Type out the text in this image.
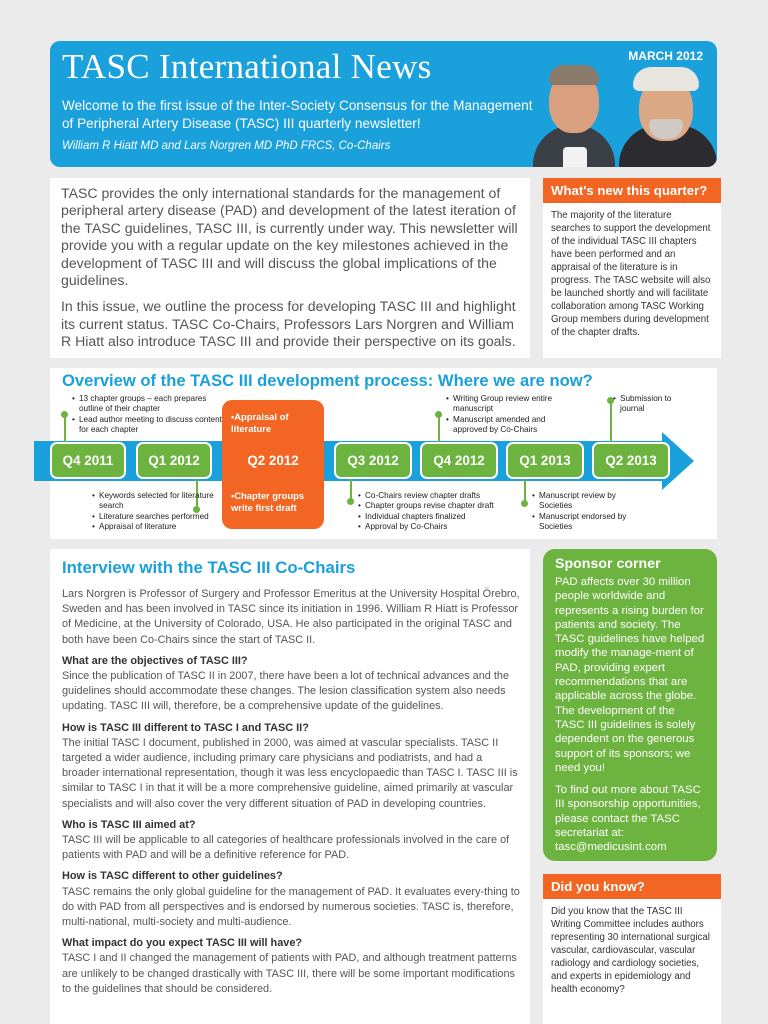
TASC International News	MARCH 2012
Welcome to the first issue of the Inter-Society Consensus for the Management of Peripheral Artery Disease (TASC) III quarterly newsletter!
William R Hiatt MD and Lars Norgren MD PhD FRCS, Co-Chairs

TASC provides the only international standards for the management of peripheral artery disease (PAD) and development of the latest iteration of the TASC guidelines, TASC III, is currently under way. This newsletter will provide you with a regular update on the key milestones achieved in the development of TASC III and will discuss the global implications of the guidelines.

In this issue, we outline the process for developing TASC III and highlight its current status. TASC Co-Chairs, Professors Lars Norgren and William R Hiatt also introduce TASC III and provide their perspective on its goals.

What's new this quarter?
The majority of the literature searches to support the development of the individual TASC III chapters have been performed and an appraisal of the literature is in progress. The TASC website will also be launched shortly and will facilitate collaboration among TASC Working Group members during development of the chapter drafts.
Overview of the TASC III development process: Where we are now?
•Appraisal of literature
•Chapter groups write first draft
Q4 2011	Q1 2012	Q2 2012	Q3 2012	Q4 2012	Q1 2013	Q2 2013
• 13 chapter groups – each prepares outline of their chapter
• Lead author meeting to discuss content for each chapter
• Keywords selected for literature search
• Literature searches performed
• Appraisal of literature
• Co-Chairs review chapter drafts
• Chapter groups revise chapter draft
• Individual chapters finalized
• Approval by Co-Chairs
• Writing Group review entire manuscript
• Manuscript amended and approved by Co-Chairs
• Manuscript review by Societies
• Manuscript endorsed by Societies
• Submission to journal
Interview with the TASC III Co-Chairs

Lars Norgren is Professor of Surgery and Professor Emeritus at the University Hospital Örebro, Sweden and has been involved in TASC since its initiation in 1996. William R Hiatt is Professor of Medicine, at the University of Colorado, USA. He also participated in the original TASC and both have been Co-Chairs since the start of TASC II.

What are the objectives of TASC III?

Since the publication of TASC II in 2007, there have been a lot of technical advances and the guidelines should accommodate these changes. The lesion classification system also needs updating. TASC III will, therefore, be a comprehensive update of the guidelines.

How is TASC III different to TASC I and TASC II?

The initial TASC I document, published in 2000, was aimed at vascular specialists. TASC II targeted a wider audience, including primary care physicians and podiatrists, and had a broader international representation, though it was less encyclopaedic than TASC I. TASC III is similar to TASC I in that it will be a more comprehensive guideline, aimed primarily at vascular specialists and will also cover the very different situation of PAD in developing countries.

Who is TASC III aimed at?

TASC III will be applicable to all categories of healthcare professionals involved in the care of patients with PAD and will be a definitive reference for PAD.

How is TASC different to other guidelines?

TASC remains the only global guideline for the management of PAD. It evaluates every-thing to do with PAD from all perspectives and is endorsed by numerous societies. TASC is, therefore, multi-national, multi-society and multi-audience.

What impact do you expect TASC III will have?

TASC I and II changed the management of patients with PAD, and although treatment patterns are unlikely to be changed drastically with TASC III, there will be some important modifications to the guidelines that should be considered.

Sponsor corner

PAD affects over 30 million people worldwide and represents a rising burden for patients and society. The TASC guidelines have helped modify the manage-ment of PAD, providing expert recommendations that are applicable across the globe. The development of the TASC III guidelines is solely dependent on the generous support of its sponsors; we need you!

To find out more about TASC III sponsorship opportunities, please contact the TASC secretariat at: tasc@medicusint.com

Did you know?
Did you know that the TASC III Writing Committee includes authors representing 30 international surgical vascular, cardiovascular, vascular radiology and cardiology societies, and experts in epidemiology and health economy?
